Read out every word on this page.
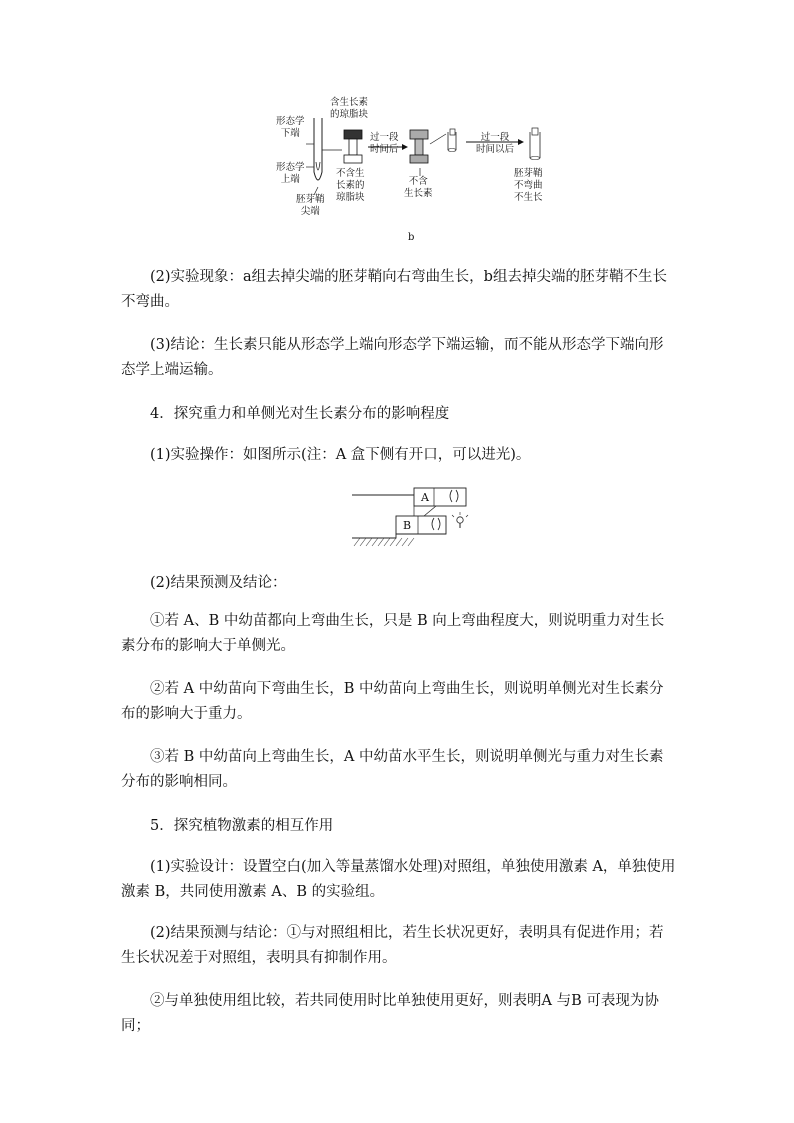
形态学
下端
形态学
上端
胚芽鞘
尖端
含生长素
的琼脂块
不含生
长素的
琼脂块
过一段
时间后
不含
生长素
过一段
时间以后
胚芽鞘
不弯曲
不生长
b

(2)实验现象：a组去掉尖端的胚芽鞘向右弯曲生长，b组去掉尖端的胚芽鞘不生长不弯曲。

(3)结论：生长素只能从形态学上端向形态学下端运输，而不能从形态学下端向形态学上端运输。

4．探究重力和单侧光对生长素分布的影响程度

(1)实验操作：如图所示(注：A 盒下侧有开口，可以进光)。

A
B

(2)结果预测及结论：

①若 A、B 中幼苗都向上弯曲生长，只是 B 向上弯曲程度大，则说明重力对生长素分布的影响大于单侧光。

②若 A 中幼苗向下弯曲生长，B 中幼苗向上弯曲生长，则说明单侧光对生长素分布的影响大于重力。

③若 B 中幼苗向上弯曲生长，A 中幼苗水平生长，则说明单侧光与重力对生长素分布的影响相同。

5．探究植物激素的相互作用

(1)实验设计：设置空白(加入等量蒸馏水处理)对照组，单独使用激素 A，单独使用激素 B，共同使用激素 A、B 的实验组。

(2)结果预测与结论：①与对照组相比，若生长状况更好，表明具有促进作用；若生长状况差于对照组，表明具有抑制作用。

②与单独使用组比较，若共同使用时比单独使用更好，则表明A 与B 可表现为协同；
